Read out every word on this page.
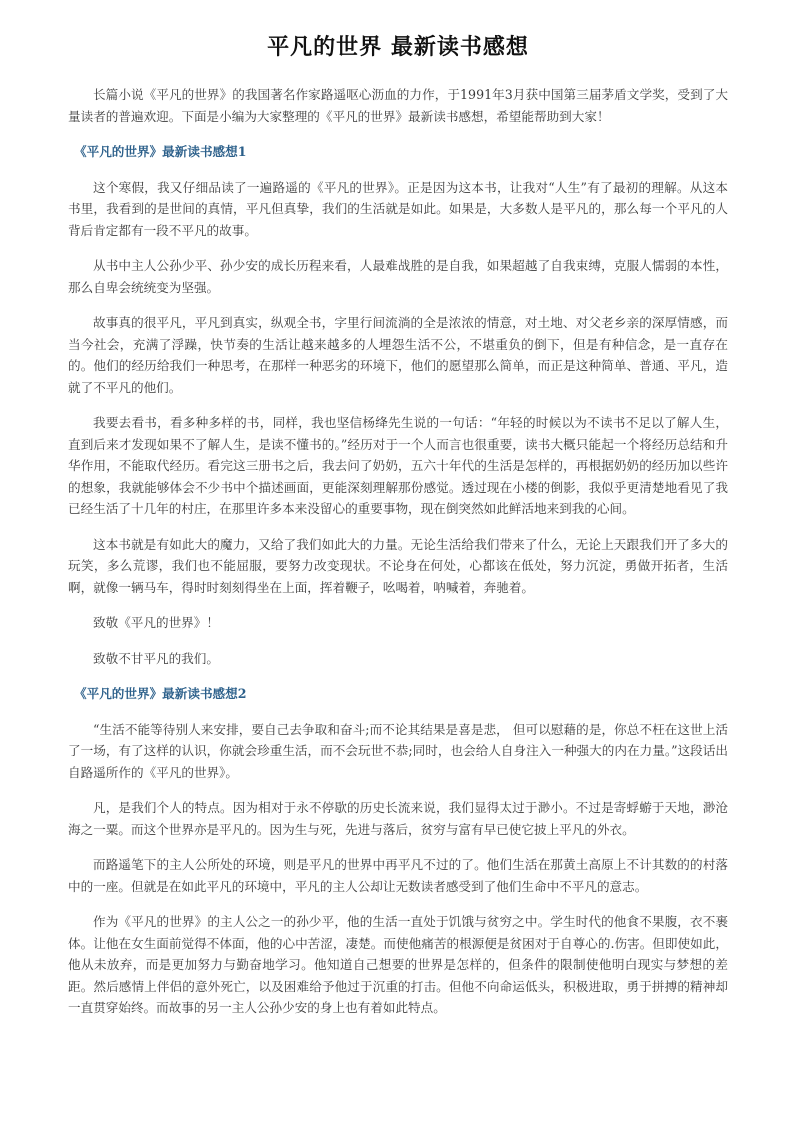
平凡的世界 最新读书感想

长篇小说《平凡的世界》的我国著名作家路遥呕心沥血的力作，于1991年3月获中国第三届茅盾文学奖，受到了大量读者的普遍欢迎。下面是小编为大家整理的《平凡的世界》最新读书感想，希望能帮助到大家！

《平凡的世界》最新读书感想1

这个寒假，我又仔细品读了一遍路遥的《平凡的世界》。正是因为这本书，让我对“人生”有了最初的理解。从这本书里，我看到的是世间的真情，平凡但真挚，我们的生活就是如此。如果是，大多数人是平凡的，那么每一个平凡的人背后肯定都有一段不平凡的故事。

从书中主人公孙少平、孙少安的成长历程来看，人最难战胜的是自我，如果超越了自我束缚，克服人懦弱的本性，那么自卑会统统变为坚强。

故事真的很平凡，平凡到真实，纵观全书，字里行间流淌的全是浓浓的情意，对土地、对父老乡亲的深厚情感，而当今社会，充满了浮躁，快节奏的生活让越来越多的人埋怨生活不公，不堪重负的倒下，但是有种信念，是一直存在的。他们的经历给我们一种思考，在那样一种恶劣的环境下，他们的愿望那么简单，而正是这种简单、普通、平凡，造就了不平凡的他们。

我要去看书，看多种多样的书，同样，我也坚信杨绛先生说的一句话：“年轻的时候以为不读书不足以了解人生，直到后来才发现如果不了解人生，是读不懂书的。”经历对于一个人而言也很重要，读书大概只能起一个将经历总结和升华作用，不能取代经历。看完这三册书之后，我去问了奶奶，五六十年代的生活是怎样的，再根据奶奶的经历加以些许的想象，我就能够体会不少书中个描述画面，更能深刻理解那份感觉。透过现在小楼的倒影，我似乎更清楚地看见了我已经生活了十几年的村庄，在那里许多本来没留心的重要事物，现在倒突然如此鲜活地来到我的心间。

这本书就是有如此大的魔力，又给了我们如此大的力量。无论生活给我们带来了什么，无论上天跟我们开了多大的玩笑，多么荒谬，我们也不能屈服，要努力改变现状。不论身在何处，心都该在低处，努力沉淀，勇做开拓者，生活啊，就像一辆马车，得时时刻刻得坐在上面，挥着鞭子，吆喝着，呐喊着，奔驰着。

致敬《平凡的世界》！

致敬不甘平凡的我们。

《平凡的世界》最新读书感想2

“生活不能等待别人来安排，要自己去争取和奋斗;而不论其结果是喜是悲， 但可以慰藉的是，你总不枉在这世上活了一场，有了这样的认识，你就会珍重生活，而不会玩世不恭;同时，也会给人自身注入一种强大的内在力量。”这段话出自路遥所作的《平凡的世界》。

凡，是我们个人的特点。因为相对于永不停歇的历史长流来说，我们显得太过于渺小。不过是寄蜉蝣于天地，渺沧海之一粟。而这个世界亦是平凡的。因为生与死，先进与落后，贫穷与富有早已使它披上平凡的外衣。

而路遥笔下的主人公所处的环境，则是平凡的世界中再平凡不过的了。他们生活在那黄土高原上不计其数的的村落中的一座。但就是在如此平凡的环境中，平凡的主人公却让无数读者感受到了他们生命中不平凡的意志。

作为《平凡的世界》的主人公之一的孙少平，他的生活一直处于饥饿与贫穷之中。学生时代的他食不果腹，衣不裹体。让他在女生面前觉得不体面，他的心中苦涩，凄楚。而使他痛苦的根源便是贫困对于自尊心的.伤害。但即使如此，他从未放弃，而是更加努力与勤奋地学习。他知道自己想要的世界是怎样的，但条件的限制使他明白现实与梦想的差距。然后感情上伴侣的意外死亡，以及困难给予他过于沉重的打击。但他不向命运低头，积极进取，勇于拼搏的精神却一直贯穿始终。而故事的另一主人公孙少安的身上也有着如此特点。
